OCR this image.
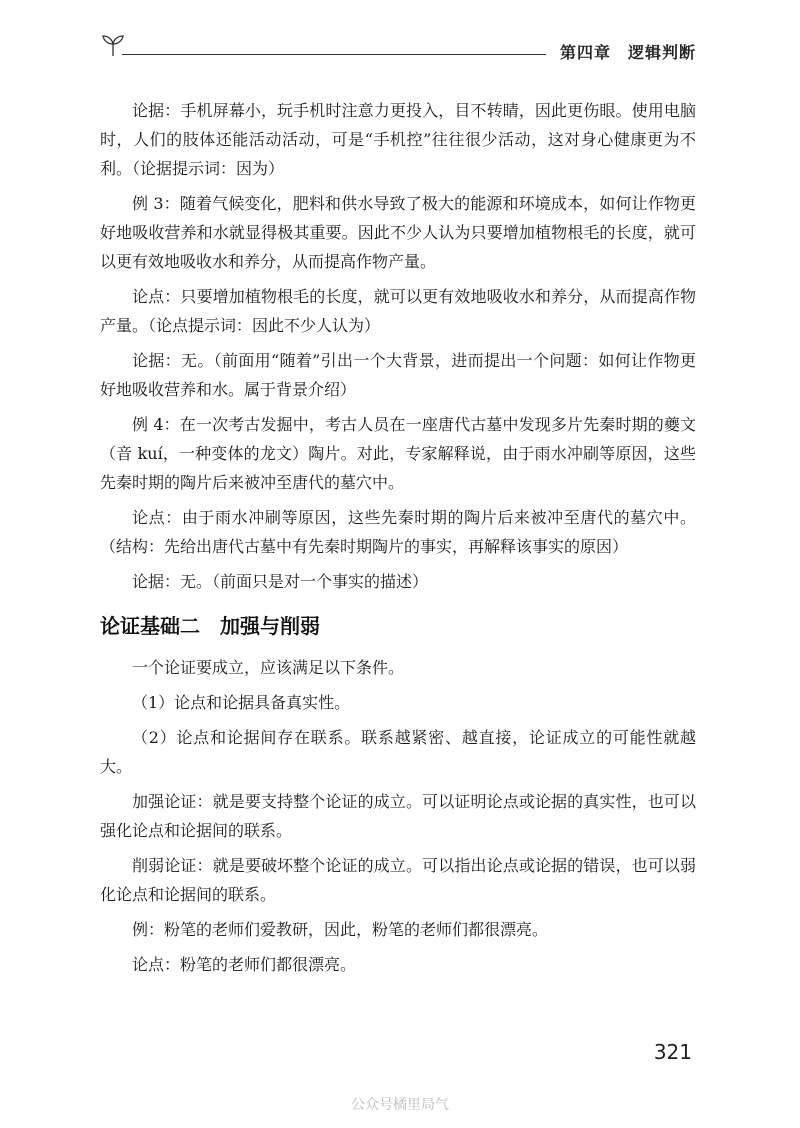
第四章　逻辑判断

论据：手机屏幕小，玩手机时注意力更投入，目不转睛，因此更伤眼。使用电脑时，人们的肢体还能活动活动，可是“手机控”往往很少活动，这对身心健康更为不利。（论据提示词：因为）

例 3：随着气候变化，肥料和供水导致了极大的能源和环境成本，如何让作物更好地吸收营养和水就显得极其重要。因此不少人认为只要增加植物根毛的长度，就可以更有效地吸收水和养分，从而提高作物产量。

论点：只要增加植物根毛的长度，就可以更有效地吸收水和养分，从而提高作物产量。（论点提示词：因此不少人认为）

论据：无。（前面用“随着”引出一个大背景，进而提出一个问题：如何让作物更好地吸收营养和水。属于背景介绍）

例 4：在一次考古发掘中，考古人员在一座唐代古墓中发现多片先秦时期的夔文（音 kuí，一种变体的龙文）陶片。对此，专家解释说，由于雨水冲刷等原因，这些先秦时期的陶片后来被冲至唐代的墓穴中。

论点：由于雨水冲刷等原因，这些先秦时期的陶片后来被冲至唐代的墓穴中。（结构：先给出唐代古墓中有先秦时期陶片的事实，再解释该事实的原因）

论据：无。（前面只是对一个事实的描述）

论证基础二　加强与削弱

一个论证要成立，应该满足以下条件。

（1）论点和论据具备真实性。

（2）论点和论据间存在联系。联系越紧密、越直接，论证成立的可能性就越大。

加强论证：就是要支持整个论证的成立。可以证明论点或论据的真实性，也可以强化论点和论据间的联系。

削弱论证：就是要破坏整个论证的成立。可以指出论点或论据的错误，也可以弱化论点和论据间的联系。

例：粉笔的老师们爱教研，因此，粉笔的老师们都很漂亮。

论点：粉笔的老师们都很漂亮。

321
公众号橘里局气
